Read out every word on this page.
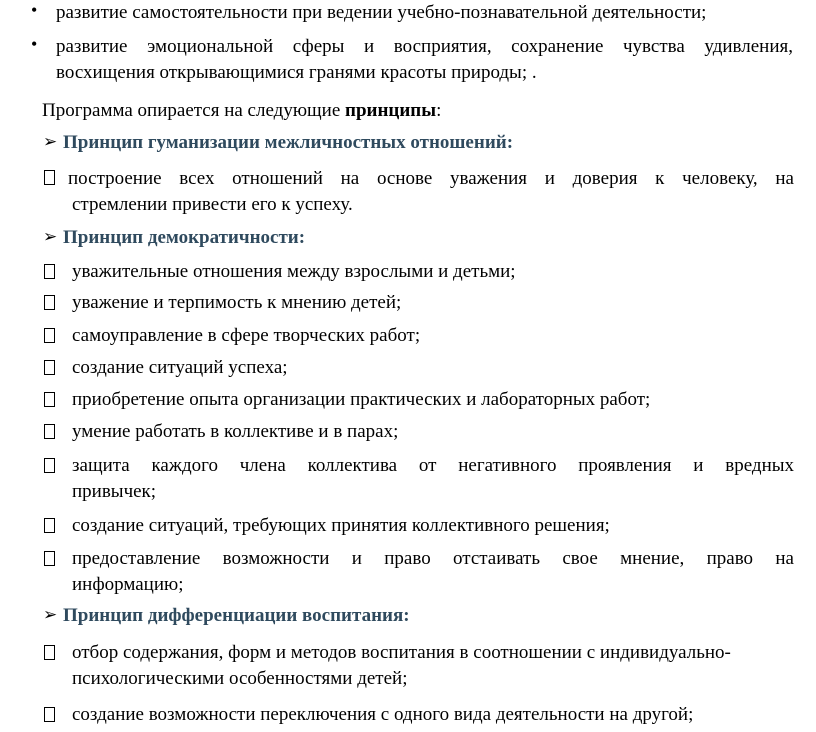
• развитие самостоятельности при ведении учебно-познавательной деятельности;
• развитие эмоциональной сферы и восприятия, сохранение чувства удивления,
восхищения открывающимися гранями красоты природы; .
Программа опирается на следующие принципы:
➢ Принцип гуманизации межличностных отношений:
построение всех отношений на основе уважения и доверия к человеку, на
стремлении привести его к успеху.
➢ Принцип демократичности:
уважительные отношения между взрослыми и детьми;
уважение и терпимость к мнению детей;
самоуправление в сфере творческих работ;
создание ситуаций успеха;
приобретение опыта организации практических и лабораторных работ;
умение работать в коллективе и в парах;
защита каждого члена коллектива от негативного проявления и вредных
привычек;
создание ситуаций, требующих принятия коллективного решения;
предоставление возможности и право отстаивать свое мнение, право на
информацию;
➢ Принцип дифференциации воспитания:
отбор содержания, форм и методов воспитания в соотношении с индивидуально-
психологическими особенностями детей;
создание возможности переключения с одного вида деятельности на другой;
